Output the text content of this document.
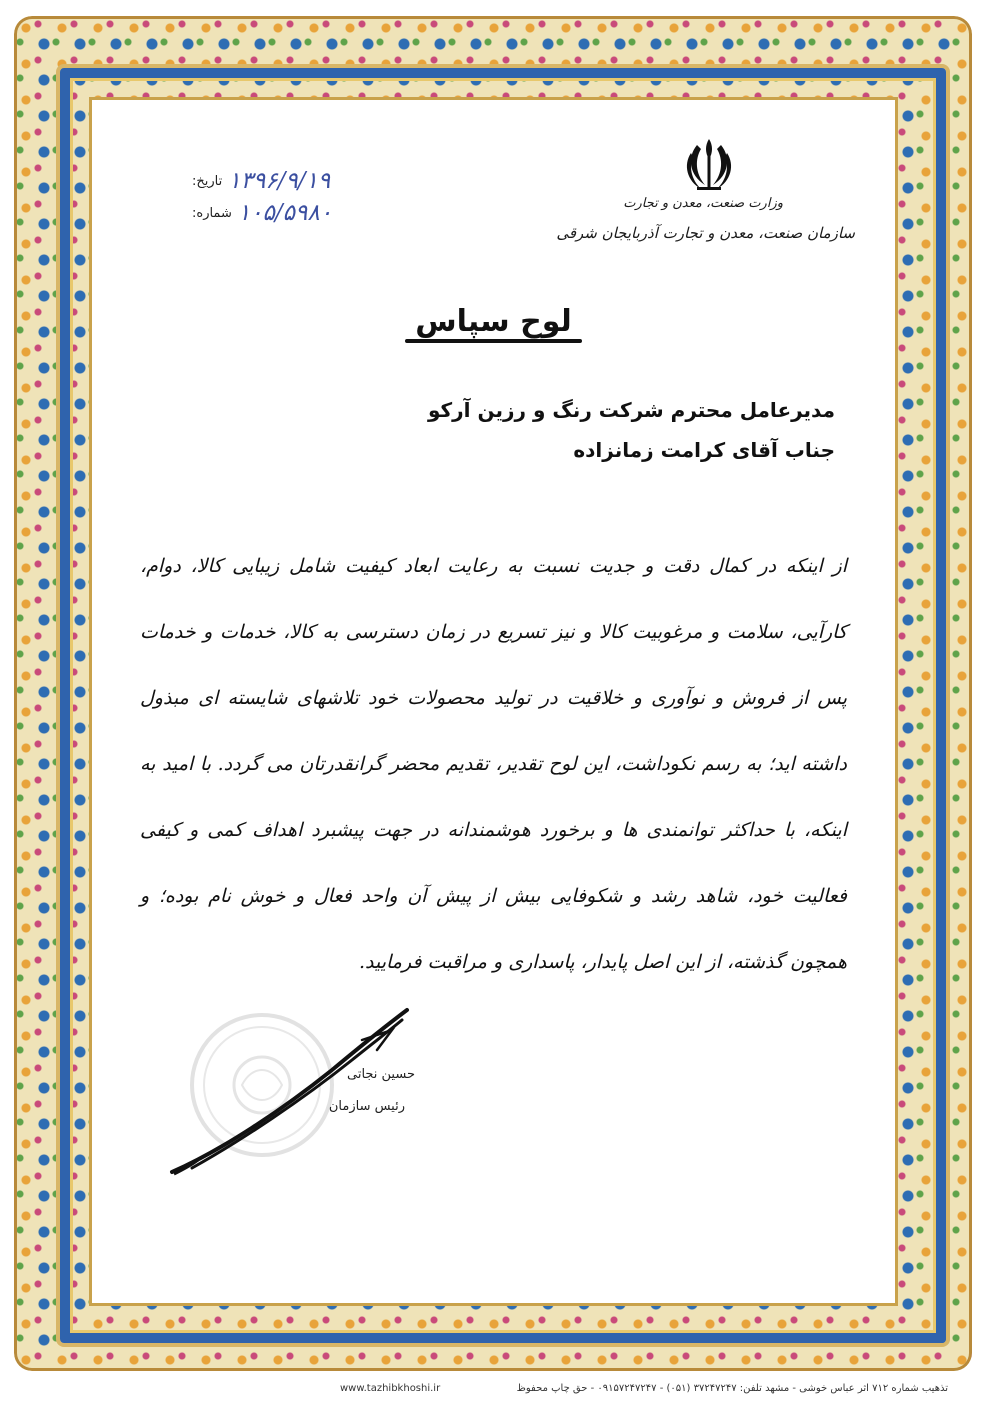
وزارت صنعت، معدن و تجارت
سازمان صنعت، معدن و تجارت آذربایجان شرقی
تاریخ: ۱۳۹۶/۹/۱۹
شماره: ۱۰۵/۵۹۸۰
لوح سپاس
مدیرعامل محترم شرکت رنگ و رزین آرکو
جناب آقای کرامت زمانزاده

از اینکه در کمال دقت و جدیت نسبت به رعایت ابعاد کیفیت شامل زیبایی کالا، دوام، کارآیی، سلامت و مرغوبیت کالا و نیز تسریع در زمان دسترسی به کالا، خدمات و خدمات پس از فروش و نوآوری و خلاقیت در تولید محصولات خود تلاشهای شایسته ای مبذول داشته اید؛ به رسم نکوداشت، این لوح تقدیر، تقدیم محضر گرانقدرتان می گردد. با امید به اینکه، با حداکثر توانمندی ها و برخورد هوشمندانه در جهت پیشبرد اهداف کمی و کیفی فعالیت خود، شاهد رشد و شکوفایی بیش از پیش آن واحد فعال و خوش نام بوده؛ و همچون گذشته، از این اصل پایدار، پاسداری و مراقبت فرمایید.

حسین نجاتی
رئیس سازمان
www.tazhibkhoshi.ir	تذهیب شماره ۷۱۲ اثر عباس خوشی - مشهد تلفن: ۳۷۲۴۷۲۴۷ (۰۵۱) - ۰۹۱۵۷۲۴۷۲۴۷ - حق چاپ محفوظ
